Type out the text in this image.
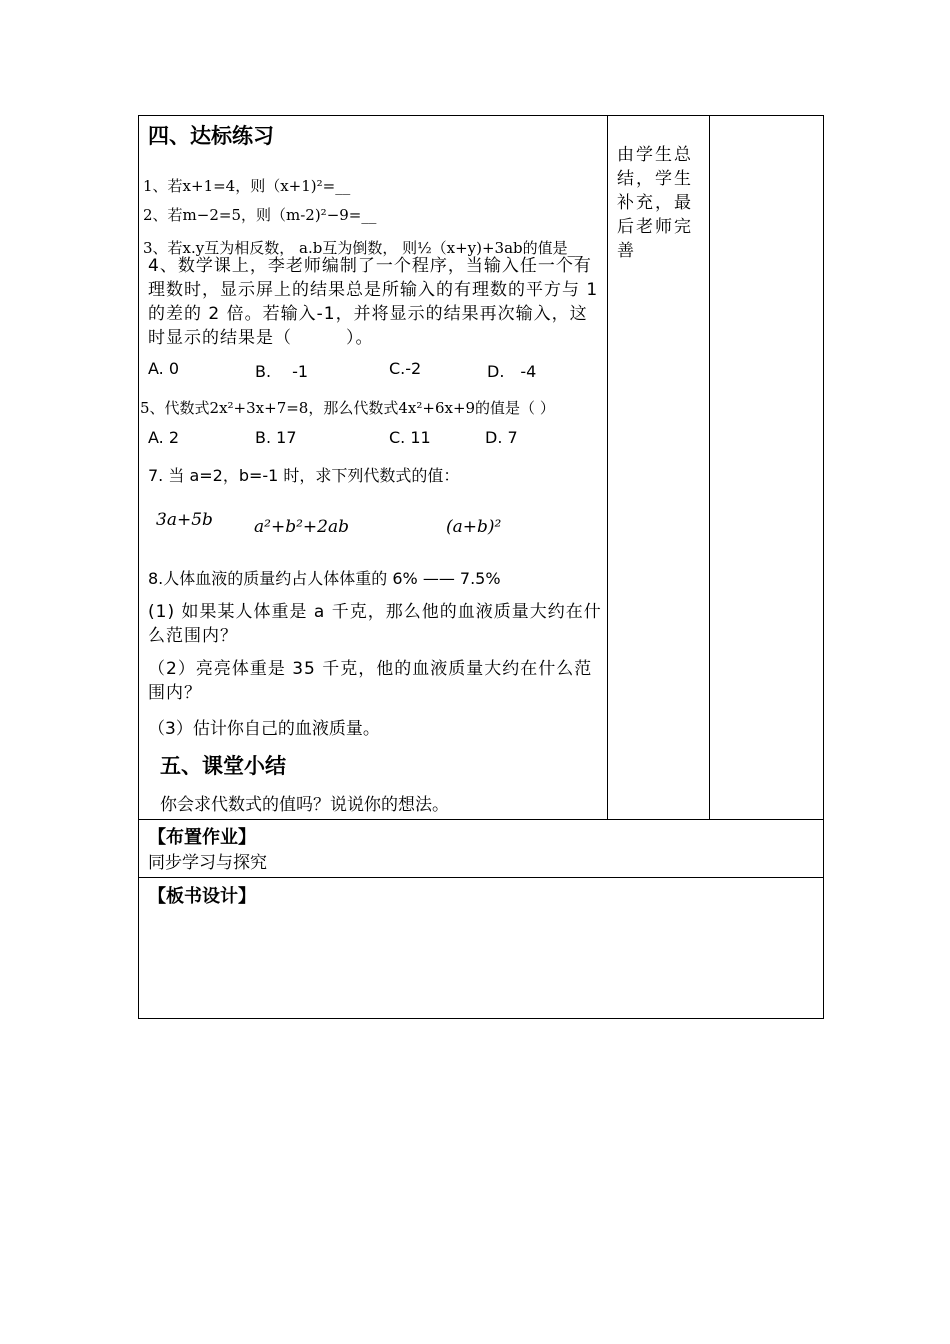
四、达标练习
1、若x+1=4，则（x+1)²=__
2、若m−2=5，则（m-2)²−9=__
3、若x.y互为相反数， a.b互为倒数， 则½（x+y)+3ab的值是__
4、数学课上，李老师编制了一个程序，当输入任一个有理数时，显示屏上的结果总是所输入的有理数的平方与 1 的差的 2 倍。若输入-1，并将显示的结果再次输入，这时显示的结果是（　　　）。
A. 0	B.　 -1	C.-2	D.　-4
5、代数式2x²+3x+7=8，那么代数式4x²+6x+9的值是（ ）
A. 2	B. 17	C. 11	D. 7
7. 当 a=2，b=-1 时，求下列代数式的值：
3a+5b a²+b²+2ab	(a+b)²
8.人体血液的质量约占人体体重的 6% —— 7.5%
(1) 如果某人体重是 a 千克，那么他的血液质量大约在什么范围内？
（2）亮亮体重是 35 千克，他的血液质量大约在什么范围内？
（3）估计你自己的血液质量。
五、课堂小结
你会求代数式的值吗？说说你的想法。
由学生总结，学生补充，最后老师完善
【布置作业】
同步学习与探究
【板书设计】
